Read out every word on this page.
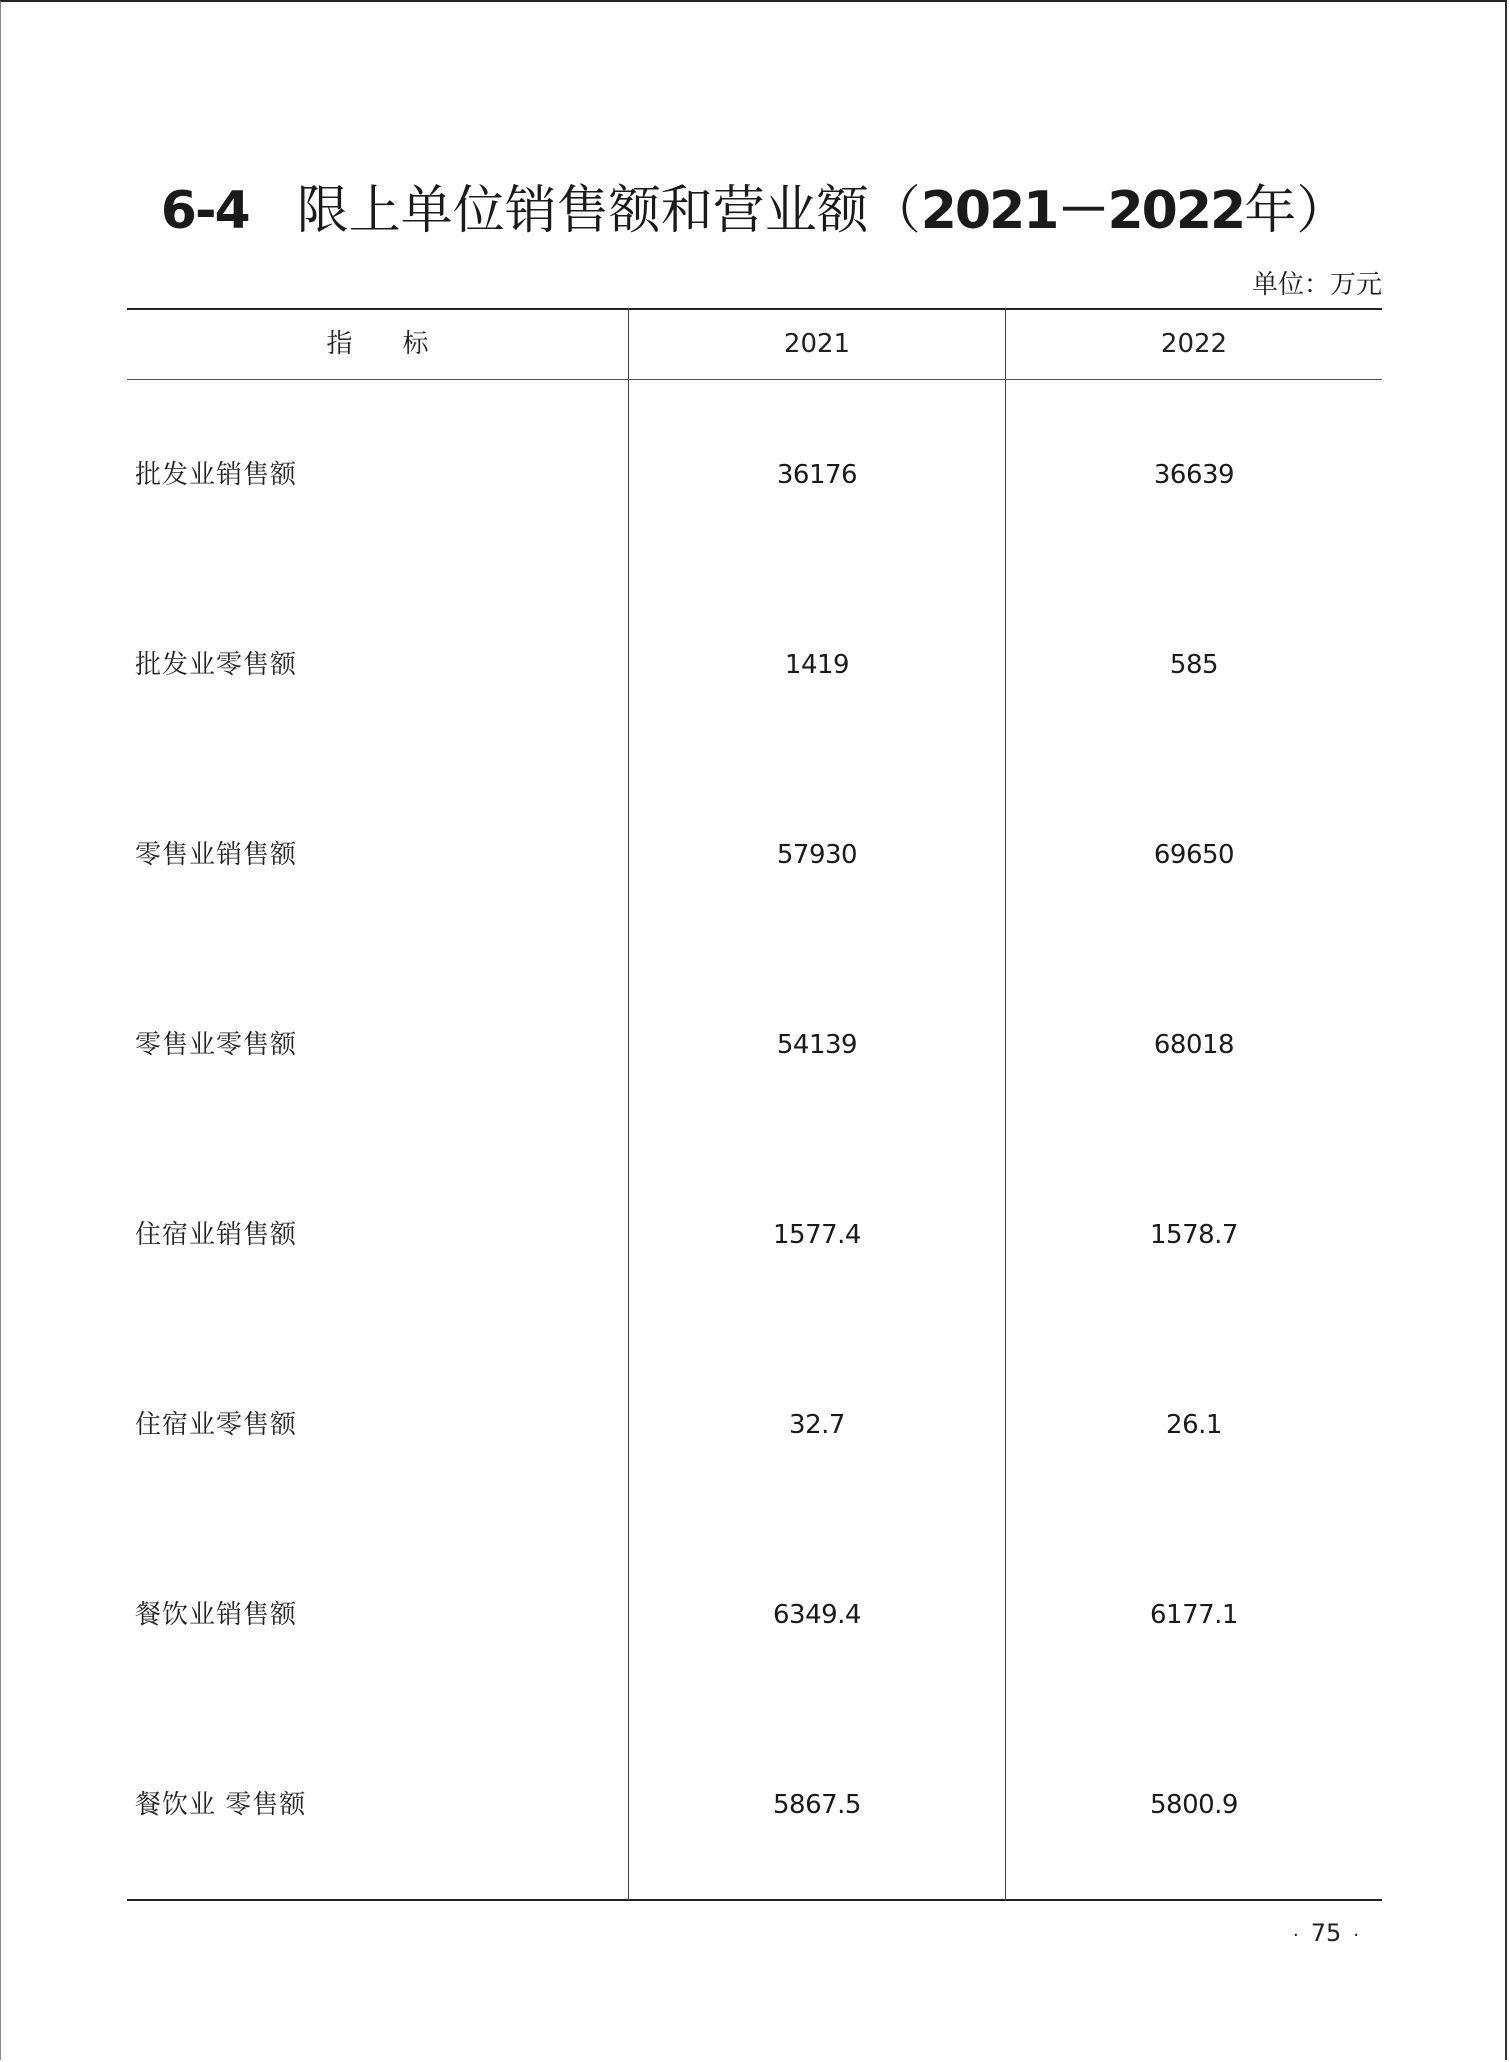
6-4 限上单位销售额和营业额（2021－2022年）
单位：万元
指标	2021	2022
批发业销售额	36176	36639
批发业零售额	1419	585
零售业销售额	57930	69650
零售业零售额	54139	68018
住宿业销售额	1577.4	1578.7
住宿业零售额	32.7	26.1
餐饮业销售额	6349.4	6177.1
餐饮业 零售额	5867.5	5800.9
· 75 ·
